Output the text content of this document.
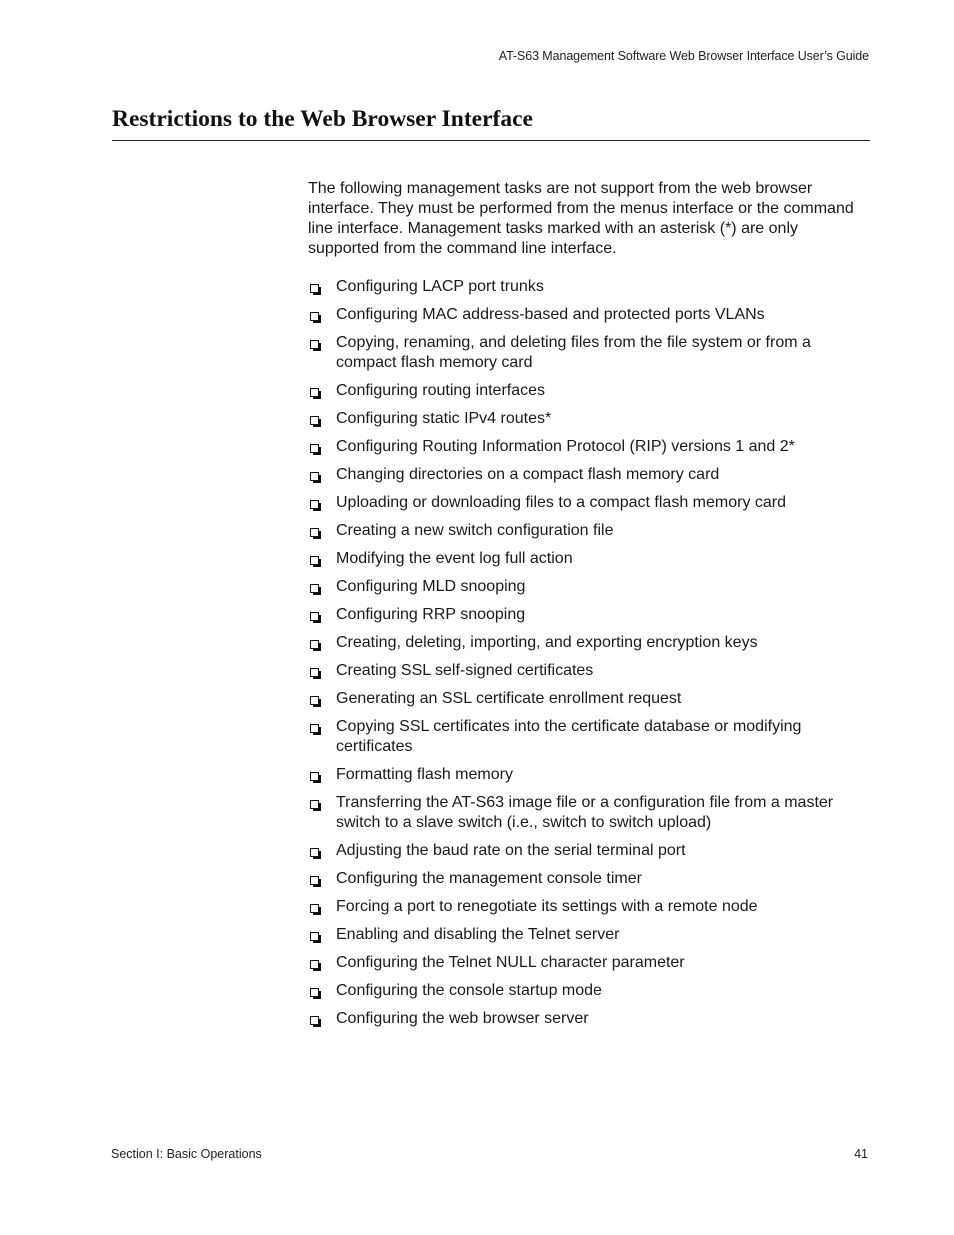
AT-S63 Management Software Web Browser Interface User’s Guide
Restrictions to the Web Browser Interface

The following management tasks are not support from the web browser interface. They must be performed from the menus interface or the command line interface. Management tasks marked with an asterisk (*) are only supported from the command line interface.

Configuring LACP port trunks
Configuring MAC address-based and protected ports VLANs
Copying, renaming, and deleting files from the file system or from a compact flash memory card
Configuring routing interfaces
Configuring static IPv4 routes*
Configuring Routing Information Protocol (RIP) versions 1 and 2*
Changing directories on a compact flash memory card
Uploading or downloading files to a compact flash memory card
Creating a new switch configuration file
Modifying the event log full action
Configuring MLD snooping
Configuring RRP snooping
Creating, deleting, importing, and exporting encryption keys
Creating SSL self-signed certificates
Generating an SSL certificate enrollment request
Copying SSL certificates into the certificate database or modifying certificates
Formatting flash memory
Transferring the AT-S63 image file or a configuration file from a master switch to a slave switch (i.e., switch to switch upload)
Adjusting the baud rate on the serial terminal port
Configuring the management console timer
Forcing a port to renegotiate its settings with a remote node
Enabling and disabling the Telnet server
Configuring the Telnet NULL character parameter
Configuring the console startup mode
Configuring the web browser server
Section I: Basic Operations	41
